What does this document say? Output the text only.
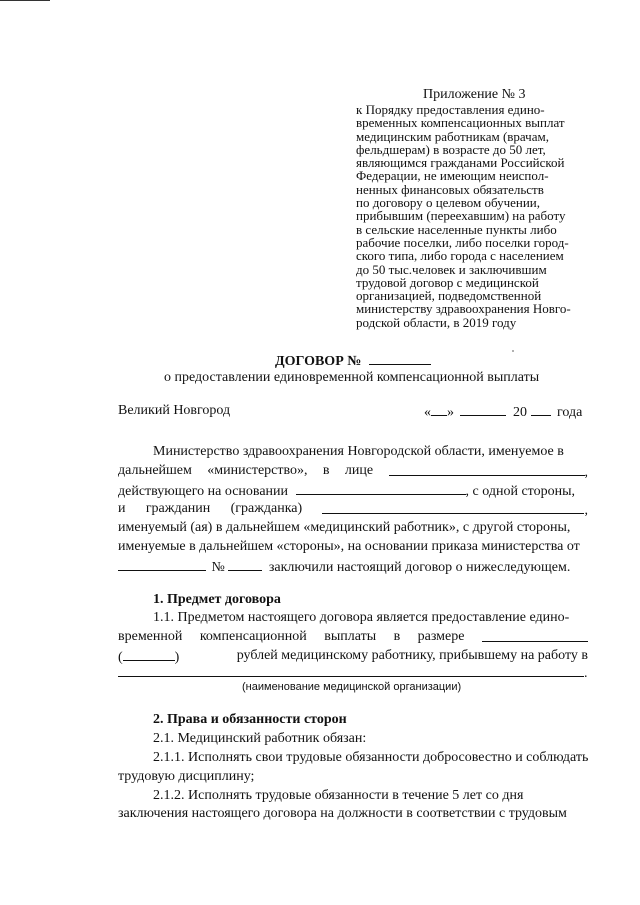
Приложение № 3
к Порядку предоставления едино-
временных компенсационных выплат
медицинским работникам (врачам,
фельдшерам) в возрасте до 50 лет,
являющимся гражданами Российской
Федерации, не имеющим неиспол-
ненных финансовых обязательств
по договору о целевом обучении,
прибывшим (переехавшим) на работу
в сельские населенные пункты либо
рабочие поселки, либо поселки город-
ского типа, либо города с населением
до 50 тыс.человек и заключившим
трудовой договор с медицинской
организацией, подведомственной
министерству здравоохранения Новго-
родской области, в 2019 году
ДОГОВОР №
о предоставлении единовременной компенсационной выплаты
Великий Новгород	« »	20 года
Министерство здравоохранения Новгородской области, именуемое в
дальнейшем «министерство», в лице	,
действующего на основании	, с одной стороны,
и гражданин (гражданка)	,
именуемый (ая) в дальнейшем «медицинский работник», с другой стороны,
именуемые в дальнейшем «стороны», на основании приказа министерства от
№	заключили настоящий договор о нижеследующем.
1. Предмет договора
1.1. Предметом настоящего договора является предоставление едино-
временной компенсационной выплаты в размере
(	)	рублей медицинскому работнику, прибывшему на работу в
.
(наименование медицинской организации)
2. Права и обязанности сторон
2.1. Медицинский работник обязан:
2.1.1. Исполнять свои трудовые обязанности добросовестно и соблюдать
трудовую дисциплину;
2.1.2. Исполнять трудовые обязанности в течение 5 лет со дня
заключения настоящего договора на должности в соответствии с трудовым
